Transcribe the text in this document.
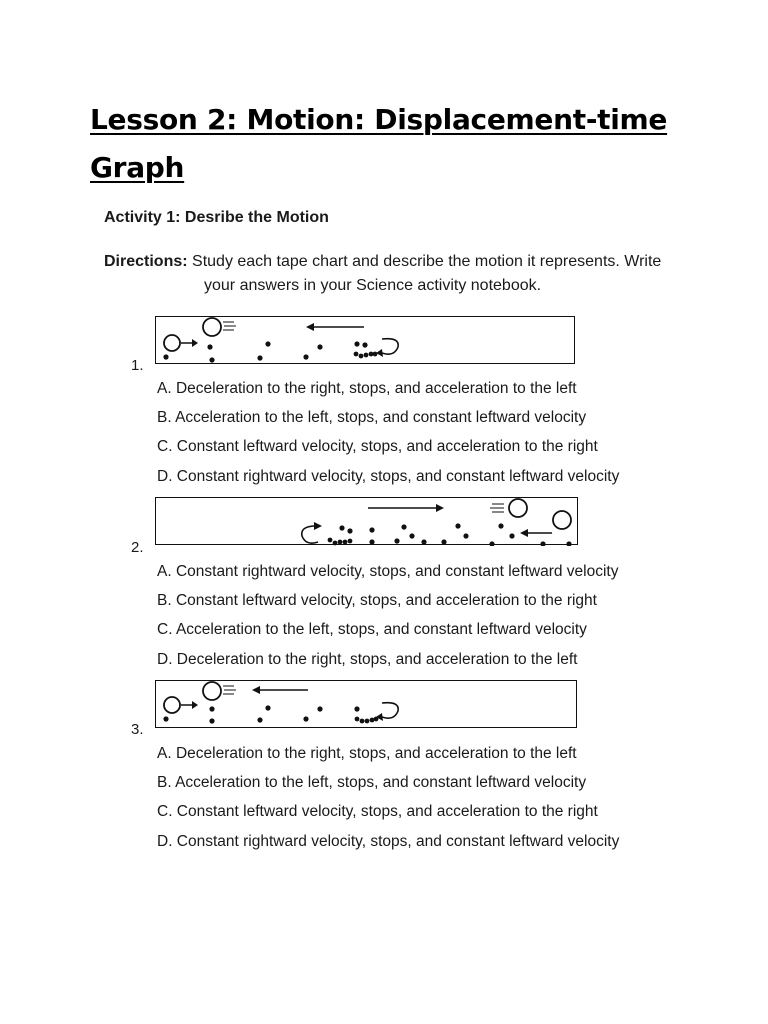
Lesson 2: Motion: Displacement-time
Graph
Activity 1: Desribe the Motion
Directions: Study each tape chart and describe the motion it represents. Write
your answers in your Science activity notebook.
1.
A. Deceleration to the right, stops, and acceleration to the left
B. Acceleration to the left, stops, and constant leftward velocity
C. Constant leftward velocity, stops, and acceleration to the right
D. Constant rightward velocity, stops, and constant leftward velocity
2.
A. Constant rightward velocity, stops, and constant leftward velocity
B. Constant leftward velocity, stops, and acceleration to the right
C. Acceleration to the left, stops, and constant leftward velocity
D. Deceleration to the right, stops, and acceleration to the left
3.
A. Deceleration to the right, stops, and acceleration to the left
B. Acceleration to the left, stops, and constant leftward velocity
C. Constant leftward velocity, stops, and acceleration to the right
D. Constant rightward velocity, stops, and constant leftward velocity
